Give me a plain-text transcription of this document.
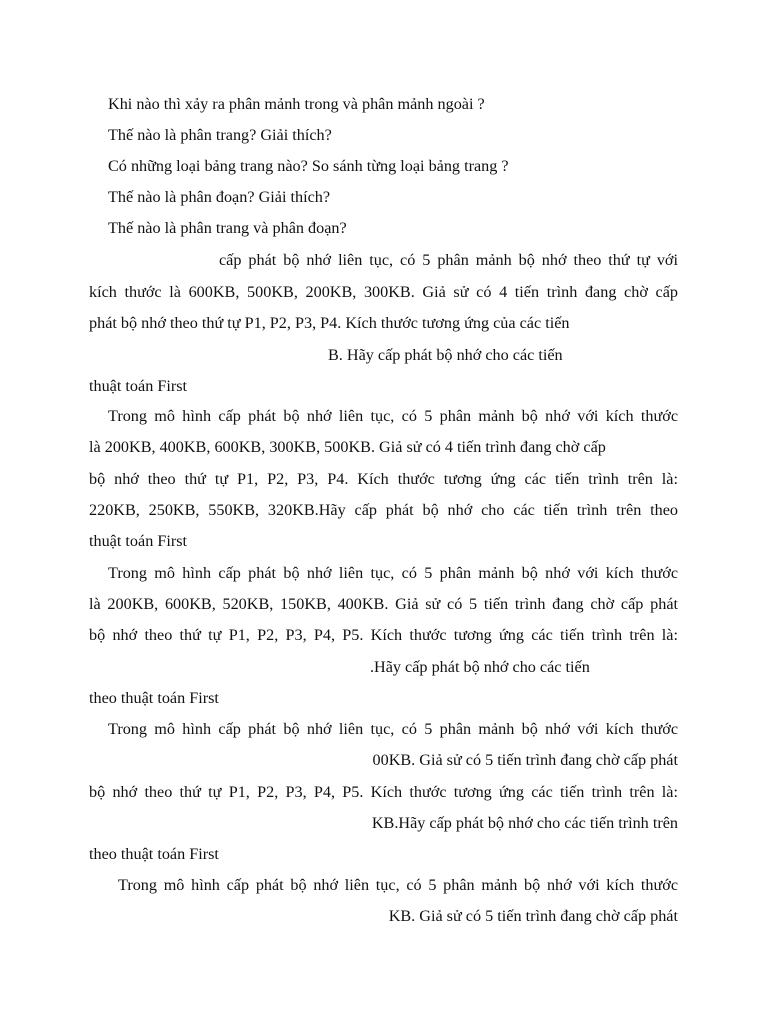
Khi nào thì xảy ra phân mảnh trong và phân mảnh ngoài ?
Thế nào là phân trang? Giải thích?
Có những loại bảng trang nào? So sánh từng loại bảng trang ?
Thế nào là phân đoạn? Giải thích?
Thế nào là phân trang và phân đoạn?
cấp phát bộ nhớ liên tục, có 5 phân mảnh bộ nhớ theo thứ tự với
kích thước là 600KB, 500KB, 200KB, 300KB. Giả sử có 4 tiến trình đang chờ cấp
phát bộ nhớ theo thứ tự P1, P2, P3, P4. Kích thước tương ứng của các tiến
B. Hãy cấp phát bộ nhớ cho các tiến
thuật toán First
Trong mô hình cấp phát bộ nhớ liên tục, có 5 phân mảnh bộ nhớ với kích thước
là 200KB, 400KB, 600KB, 300KB, 500KB. Giả sử có 4 tiến trình đang chờ cấp
bộ nhớ theo thứ tự P1, P2, P3, P4. Kích thước tương ứng các tiến trình trên là:
220KB, 250KB, 550KB, 320KB.Hãy cấp phát bộ nhớ cho các tiến trình trên theo
thuật toán First
Trong mô hình cấp phát bộ nhớ liên tục, có 5 phân mảnh bộ nhớ với kích thước
là 200KB, 600KB, 520KB, 150KB, 400KB. Giả sử có 5 tiến trình đang chờ cấp phát
bộ nhớ theo thứ tự P1, P2, P3, P4, P5. Kích thước tương ứng các tiến trình trên là:
.Hãy cấp phát bộ nhớ cho các tiến
theo thuật toán First
Trong mô hình cấp phát bộ nhớ liên tục, có 5 phân mảnh bộ nhớ với kích thước
00KB. Giả sử có 5 tiến trình đang chờ cấp phát
bộ nhớ theo thứ tự P1, P2, P3, P4, P5. Kích thước tương ứng các tiến trình trên là:
KB.Hãy cấp phát bộ nhớ cho các tiến trình trên
theo thuật toán First
Trong mô hình cấp phát bộ nhớ liên tục, có 5 phân mảnh bộ nhớ với kích thước
KB. Giả sử có 5 tiến trình đang chờ cấp phát
